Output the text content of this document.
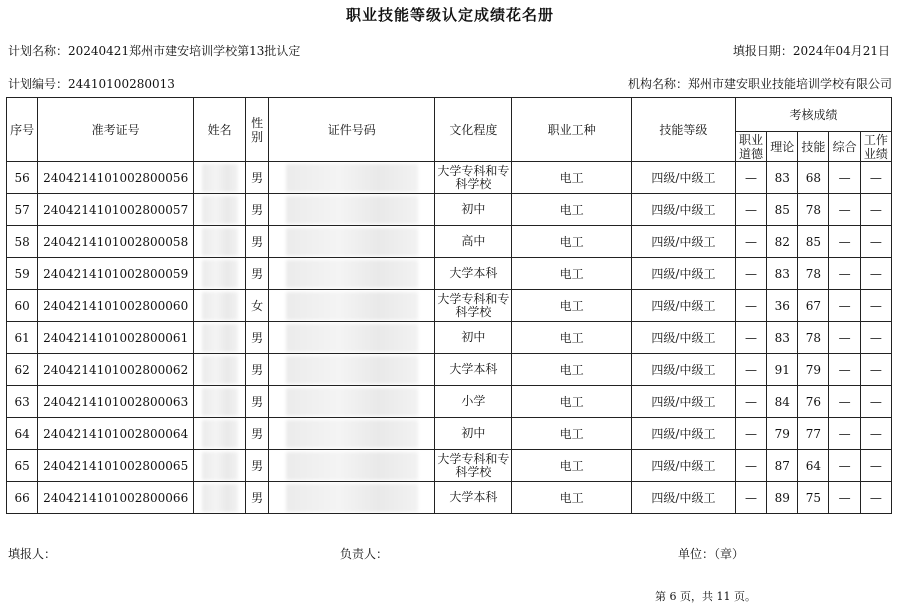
职业技能等级认定成绩花名册
计划名称：20240421郑州市建安培训学校第13批认定	填报日期：2024年04月21日
计划编号：24410100280013	机构名称：郑州市建安职业技能培训学校有限公司
序号	准考证号	姓名	性别	证件号码	文化程度	职业工种	技能等级	考核成绩				
								职业道德	理论	技能	综合	工作业绩
56	2404214101002800056		男		大学专科和专科学校	电工	四级/中级工	—	83	68	—	—
57	2404214101002800057		男		初中	电工	四级/中级工	—	85	78	—	—
58	2404214101002800058		男		高中	电工	四级/中级工	—	82	85	—	—
59	2404214101002800059		男		大学本科	电工	四级/中级工	—	83	78	—	—
60	2404214101002800060		女		大学专科和专科学校	电工	四级/中级工	—	36	67	—	—
61	2404214101002800061		男		初中	电工	四级/中级工	—	83	78	—	—
62	2404214101002800062		男		大学本科	电工	四级/中级工	—	91	79	—	—
63	2404214101002800063		男		小学	电工	四级/中级工	—	84	76	—	—
64	2404214101002800064		男		初中	电工	四级/中级工	—	79	77	—	—
65	2404214101002800065		男		大学专科和专科学校	电工	四级/中级工	—	87	64	—	—
66	2404214101002800066		男		大学本科	电工	四级/中级工	—	89	75	—	—
填报人：	负责人：	单位：（章）
第 6 页，共 11 页。
